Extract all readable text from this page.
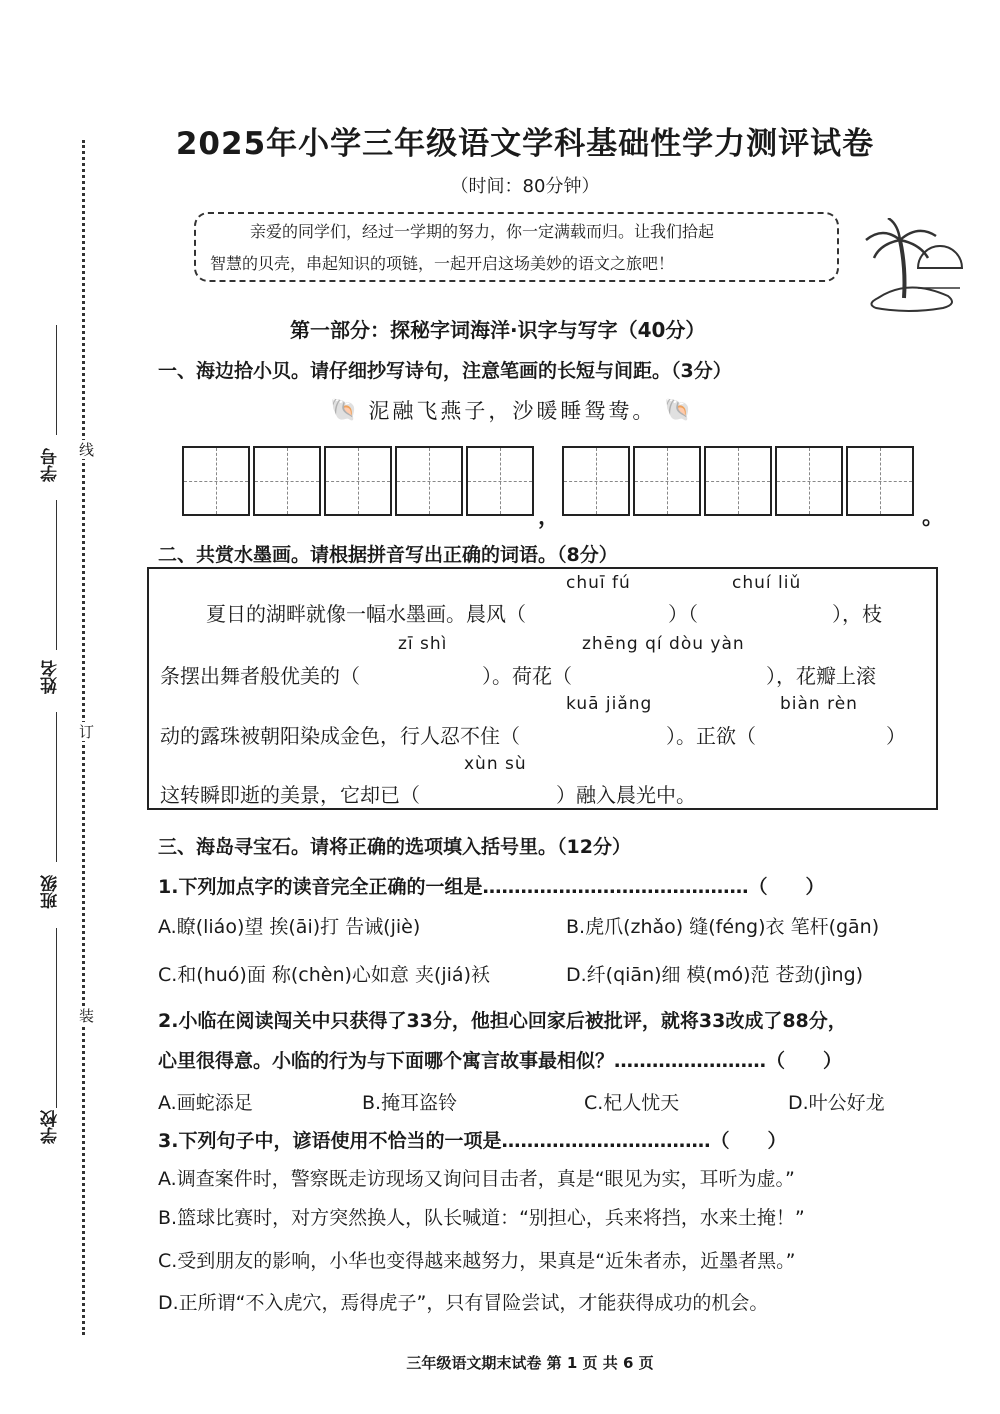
线
订
装
学号
姓名
班级
学校
2025年小学三年级语文学科基础性学力测评试卷
（时间：80分钟）
亲爱的同学们，经过一学期的努力，你一定满载而归。让我们拾起
智慧的贝壳，串起知识的项链，一起开启这场美妙的语文之旅吧！
第一部分：探秘字词海洋·识字与写字（40分）
一、海边拾小贝。请仔细抄写诗句，注意笔画的长短与间距。（3分）
🐚 泥融飞燕子，沙暖睡鸳鸯。 🐚
，	。
二、共赏水墨画。请根据拼音写出正确的词语。（8分）
chuī fú	chuí liǔ
夏日的湖畔就像一幅水墨画。晨风（	）（	），枝
zī shì	zhēng qí dòu yàn
条摆出舞者般优美的（	）。荷花（	），花瓣上滚
kuā jiǎng	biàn rèn
动的露珠被朝阳染成金色，行人忍不住（	）。正欲（	）
xùn sù
这转瞬即逝的美景，它却已（	）融入晨光中。
三、海岛寻宝石。请将正确的选项填入括号里。（12分）
1.下列加点字的读音完全正确的一组是……………………………………（　　）
A.瞭(liáo)望 挨(āi)打 告诫(jiè)	B.虎爪(zhǎo) 缝(féng)衣 笔杆(gān)
C.和(huó)面 称(chèn)心如意 夹(jiá)袄	D.纤(qiān)细 模(mó)范 苍劲(jìng)
2.小临在阅读闯关中只获得了33分，他担心回家后被批评，就将33改成了88分，
心里很得意。小临的行为与下面哪个寓言故事最相似？……………………（　　）
A.画蛇添足	B.掩耳盗铃	C.杞人忧天	D.叶公好龙
3.下列句子中，谚语使用不恰当的一项是……………………………（　　）
A.调查案件时，警察既走访现场又询问目击者，真是“眼见为实，耳听为虚。”
B.篮球比赛时，对方突然换人，队长喊道：“别担心，兵来将挡，水来土掩！”
C.受到朋友的影响，小华也变得越来越努力，果真是“近朱者赤，近墨者黑。”
D.正所谓“不入虎穴，焉得虎子”，只有冒险尝试，才能获得成功的机会。
三年级语文期末试卷 第 1 页 共 6 页
